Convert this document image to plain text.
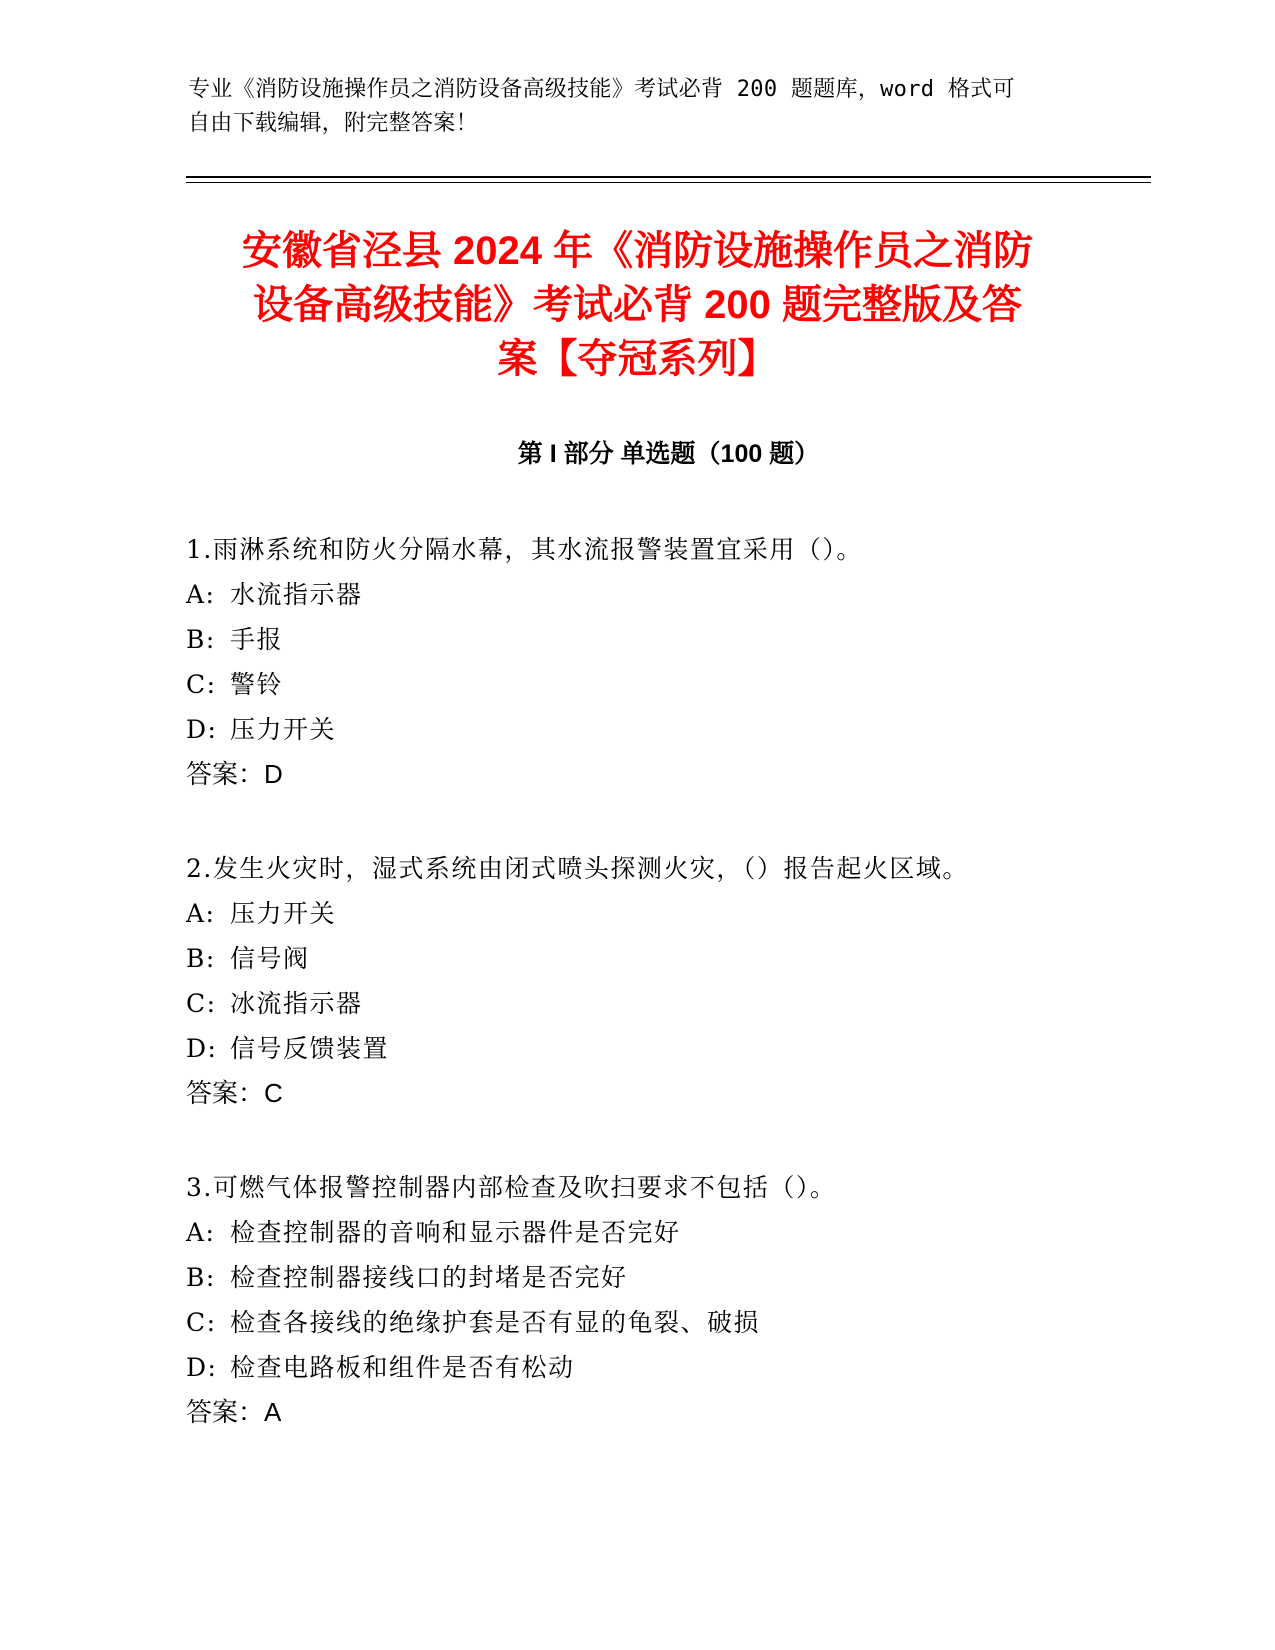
专业《消防设施操作员之消防设备高级技能》考试必背 200 题题库，word 格式可
自由下载编辑，附完整答案！
安徽省泾县 2024 年《消防设施操作员之消防
设备高级技能》考试必背 200 题完整版及答
案【夺冠系列】
第 I 部分 单选题（100 题）
1.雨淋系统和防火分隔水幕，其水流报警装置宜采用（）。
A: 水流指示器
B: 手报
C: 警铃
D: 压力开关
答案：D
2.发生火灾时，湿式系统由闭式喷头探测火灾，（）报告起火区域。
A: 压力开关
B: 信号阀
C: 冰流指示器
D: 信号反馈装置
答案：C
3.可燃气体报警控制器内部检查及吹扫要求不包括（）。
A: 检查控制器的音响和显示器件是否完好
B: 检查控制器接线口的封堵是否完好
C: 检查各接线的绝缘护套是否有显的龟裂、破损
D: 检查电路板和组件是否有松动
答案：A
